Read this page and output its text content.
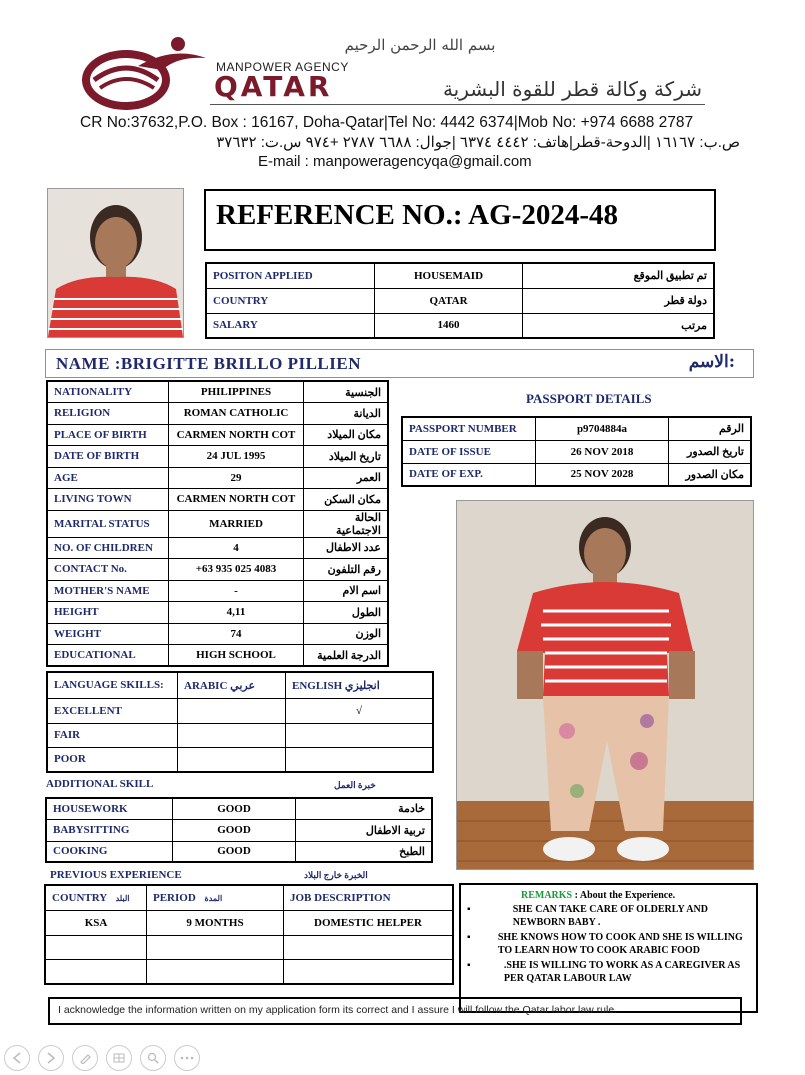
بسم الله الرحمن الرحيم
MANPOWER AGENCY
QATAR	شركة وكالة قطر للقوة البشرية
CR No:37632,P.O. Box : 16167, Doha-Qatar|Tel No: 4442 6374|Mob No: +974 6688 2787
ص.ب: ١٦١٦٧ |الدوحة-قطر|هاتف: ٤٤٤٢ ٦٣٧٤ |جوال: ٦٦٨٨ ٢٧٨٧ +٩٧٤ س.ت: ٣٧٦٣٢
E-mail : manpoweragencyqa@gmail.com
REFERENCE NO.: AG-2024-48
POSITON APPLIED	HOUSEMAID	تم تطبيق الموقع
COUNTRY	QATAR	دولة قطر
SALARY	1460	مرتب
NAME :BRIGITTE BRILLO PILLIEN	الاسم:
NATIONALITY	PHILIPPINES	الجنسية
RELIGION	ROMAN CATHOLIC	الديانة
PLACE OF BIRTH	CARMEN NORTH COT	مكان الميلاد
DATE OF BIRTH	24 JUL 1995	تاريخ الميلاد
AGE	29	العمر
LIVING TOWN	CARMEN NORTH COT	مكان السكن
MARITAL STATUS	MARRIED	الحالة الاجتماعية
NO. OF CHILDREN	4	عدد الاطفال
CONTACT No.	+63 935 025 4083	رقم التلفون
MOTHER'S NAME	-	اسم الام
HEIGHT	4,11	الطول
WEIGHT	74	الوزن
EDUCATIONAL	HIGH SCHOOL	الدرجة العلمية
PASSPORT DETAILS
PASSPORT NUMBER	p9704884a	الرقم
DATE OF ISSUE	26 NOV 2018	تاريخ الصدور
DATE OF EXP.	25 NOV 2028	مكان الصدور
LANGUAGE SKILLS:	ARABIC عربي	ENGLISH انجليزي
EXCELLENT		√
FAIR		
POOR		
ADDITIONAL SKILL	خبرة العمل
HOUSEWORK	GOOD	خادمة
BABYSITTING	GOOD	تربية الاطفال
COOKING	GOOD	الطبخ
PREVIOUS EXPERIENCE	الخبرة خارج البلاد
COUNTRY البلد	PERIOD المدة	JOB DESCRIPTION
KSA	9 MONTHS	DOMESTIC HELPER

REMARKS : About the Experience.
▪	SHE CAN TAKE CARE OF OLDERLY AND NEWBORN BABY .
▪	SHE KNOWS HOW TO COOK AND SHE IS WILLING TO LEARN HOW TO COOK ARABIC FOOD
▪	.SHE IS WILLING TO WORK AS A CAREGIVER AS PER QATAR LABOUR LAW
I acknowledge the information written on my application form its correct and I assure I will follow the Qatar labor law rule.
